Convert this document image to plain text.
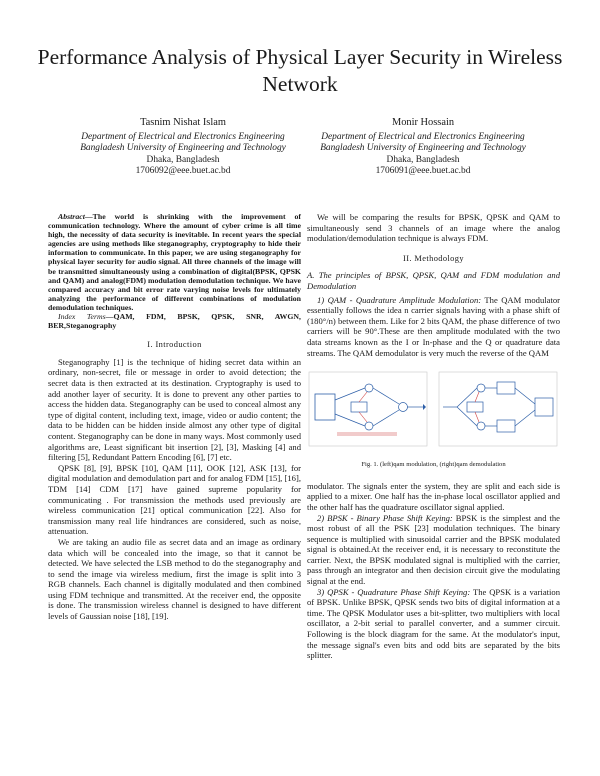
Performance Analysis of Physical Layer Security in Wireless Network
Tasnim Nishat Islam
Department of Electrical and Electronics Engineering
Bangladesh University of Engineering and Technology
Dhaka, Bangladesh
1706092@eee.buet.ac.bd
Monir Hossain
Department of Electrical and Electronics Engineering
Bangladesh University of Engineering and Technology
Dhaka, Bangladesh
1706091@eee.buet.ac.bd

Abstract—The world is shrinking with the improvement of communication technology. Where the amount of cyber crime is all time high, the necessity of data security is inevitable. In recent years the special agencies are using methods like steganography, cryptography to hide their information to communicate. In this paper, we are using steganography for physical layer security for audio signal. All three channels of the image will be transmitted simultaneously using a combination of digital(BPSK, QPSK and QAM) and analog(FDM) modulation demodulation technique. We have compared accuracy and bit error rate varying noise levels for ultimately analyzing the performance of different combinations of modulation demodulation techniques.

Index Terms—QAM, FDM, BPSK, QPSK, SNR, AWGN, BER,Steganography

I. Introduction

Steganography [1] is the technique of hiding secret data within an ordinary, non-secret, file or message in order to avoid detection; the secret data is then extracted at its destination. Cryptography is used to add another layer of security. It is done to prevent any other parties to access the hidden data. Steganography can be used to conceal almost any type of digital content, including text, image, video or audio content; the data to be hidden can be hidden inside almost any other type of digital content. Steganography can be done in many ways. Most commonly used algorithms are, Least significant bit insertion [2], [3], Masking [4] and filtering [5], Redundant Pattern Encoding [6], [7] etc.

QPSK [8], [9], BPSK [10], QAM [11], OOK [12], ASK [13], for digital modulation and demodulation part and for analog FDM [15], [16], TDM [14] CDM [17] have gained supreme popularity for communicating . For transmission the methods used previously are wireless communication [21] optical communication [22]. Also for transmission many real life hindrances are considered, such as noise, attenuation.

We are taking an audio file as secret data and an image as ordinary data which will be concealed into the image, so that it cannot be detected. We have selected the LSB method to do the steganography and to send the image via wireless medium, first the image is split into 3 RGB channels. Each channel is digitally modulated and then combined using FDM technique and transmitted. At the receiver end, the opposite is done. The transmission wireless channel is designed to have different levels of Gaussian noise [18], [19].

We will be comparing the results for BPSK, QPSK and QAM to simultaneously send 3 channels of an image where the analog modulation/demodulation technique is always FDM.

II. Methodology
A. The principles of BPSK, QPSK, QAM and FDM modulation and Demodulation

1) QAM - Quadrature Amplitude Modulation: The QAM modulator essentially follows the idea n carrier signals having with a phase shift of (180°/n) between them. Like for 2 bits QAM, the phase difference of two carriers will be 90°.These are then amplitude modulated with the two data streams known as the I or In-phase and the Q or quadrature data streams. The QAM demodulator is very much the reverse of the QAM

Fig. 1. (left)qam modulation, (right)qam demodulation

modulator. The signals enter the system, they are split and each side is applied to a mixer. One half has the in-phase local oscillator applied and the other half has the quadrature oscillator signal applied.

2) BPSK - Binary Phase Shift Keying: BPSK is the simplest and the most robust of all the PSK [23] modulation techniques. The binary sequence is multiplied with sinusoidal carrier and the BPSK modulated signal is obtained.At the receiver end, it is necessary to reconstitute the carrier. Next, the BPSK modulated signal is multiplied with the carrier, pass through an integrator and then decision circuit give the modulating signal at the end.

3) QPSK - Quadrature Phase Shift Keying: The QPSK is a variation of BPSK. Unlike BPSK, QPSK sends two bits of digital information at a time. The QPSK Modulator uses a bit-splitter, two multipliers with local oscillator, a 2-bit serial to parallel converter, and a summer circuit. Following is the block diagram for the same. At the modulator's input, the message signal's even bits and odd bits are separated by the bits splitter.
